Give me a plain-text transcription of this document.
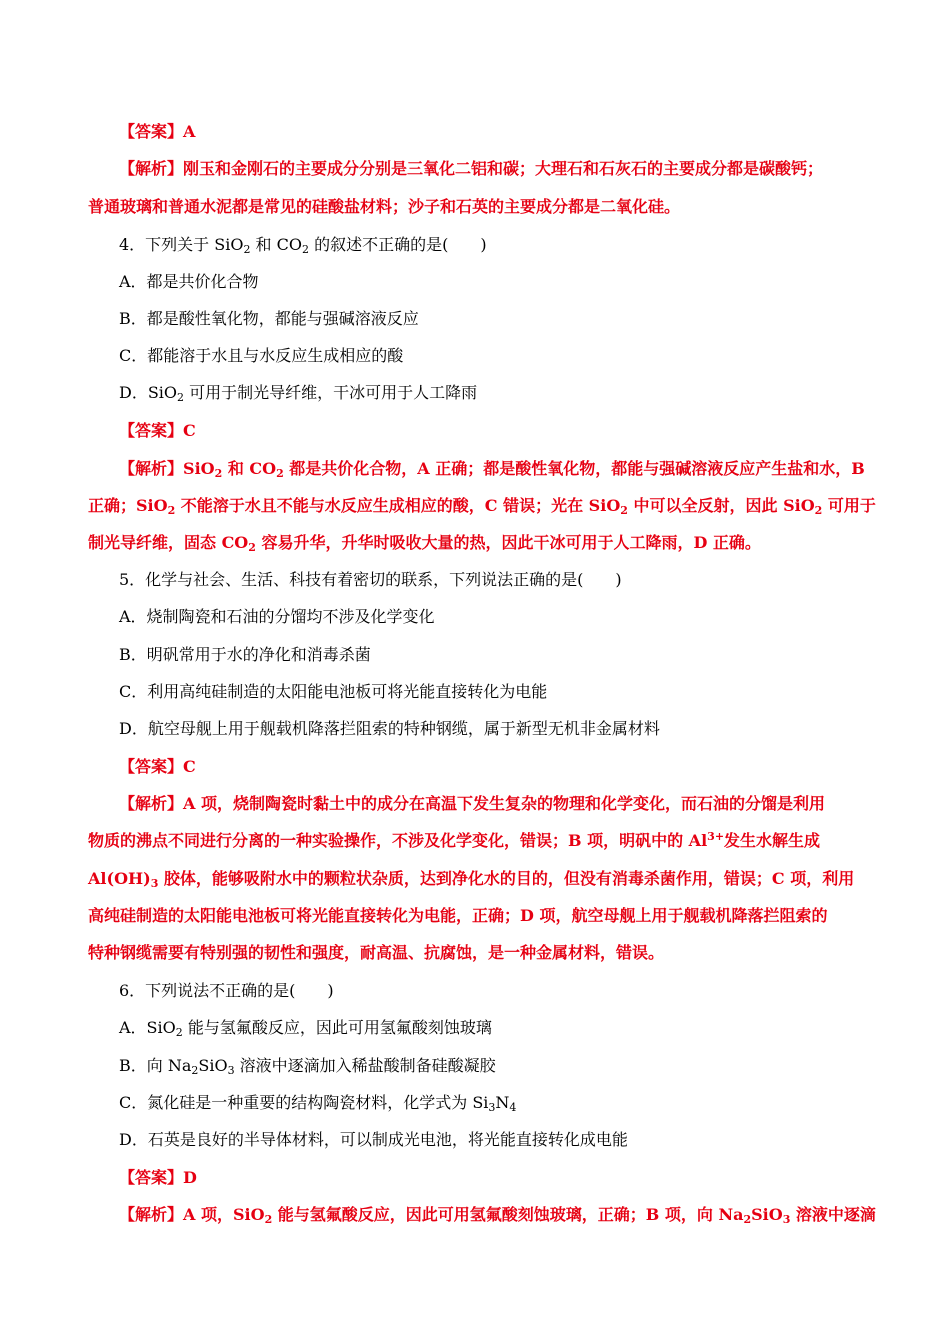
【答案】A
【解析】刚玉和金刚石的主要成分分别是三氧化二铝和碳；大理石和石灰石的主要成分都是碳酸钙；
普通玻璃和普通水泥都是常见的硅酸盐材料；沙子和石英的主要成分都是二氧化硅。
4．下列关于 SiO$_2$ 和 $CO_2$ 的叙述不正确的是(　　)
A．都是共价化合物
B．都是酸性氧化物，都能与强碱溶液反应
C．都能溶于水且与水反应生成相应的酸
D．SiO$_2$ 可用于制光导纤维，干冰可用于人工降雨
【答案】C
【解析】SiO$_2$ 和 $CO_2$ 都是共价化合物，A 正确；都是酸性氧化物，都能与强碱溶液反应产生盐和水，B
正确；SiO$_2$ 不能溶于水且不能与水反应生成相应的酸，C 错误；光在 SiO$_2$ 中可以全反射，因此 SiO$_2$ 可用于
制光导纤维，固态 $CO_2$ 容易升华，升华时吸收大量的热，因此干冰可用于人工降雨，D 正确。
5．化学与社会、生活、科技有着密切的联系，下列说法正确的是(　　)
A．烧制陶瓷和石油的分馏均不涉及化学变化
B．明矾常用于水的净化和消毒杀菌
C．利用高纯硅制造的太阳能电池板可将光能直接转化为电能
D．航空母舰上用于舰载机降落拦阻索的特种钢缆，属于新型无机非金属材料
【答案】C
【解析】A 项，烧制陶瓷时黏土中的成分在高温下发生复杂的物理和化学变化，而石油的分馏是利用
物质的沸点不同进行分离的一种实验操作，不涉及化学变化，错误；B 项，明矾中的 $Al^{3+}$发生水解生成
$Al(OH)_3$ 胶体，能够吸附水中的颗粒状杂质，达到净化水的目的，但没有消毒杀菌作用，错误；C 项，利用
高纯硅制造的太阳能电池板可将光能直接转化为电能，正确；D 项，航空母舰上用于舰载机降落拦阻索的
特种钢缆需要有特别强的韧性和强度，耐高温、抗腐蚀，是一种金属材料，错误。
6．下列说法不正确的是(　　)
A．SiO$_2$ 能与氢氟酸反应，因此可用氢氟酸刻蚀玻璃
B．向 $Na_2SiO_3$ 溶液中逐滴加入稀盐酸制备硅酸凝胶
C．氮化硅是一种重要的结构陶瓷材料，化学式为 $Si_3N_4$
D．石英是良好的半导体材料，可以制成光电池，将光能直接转化成电能
【答案】D
【解析】A 项，SiO$_2$ 能与氢氟酸反应，因此可用氢氟酸刻蚀玻璃，正确；B 项，向 $Na_2SiO_3$ 溶液中逐滴
